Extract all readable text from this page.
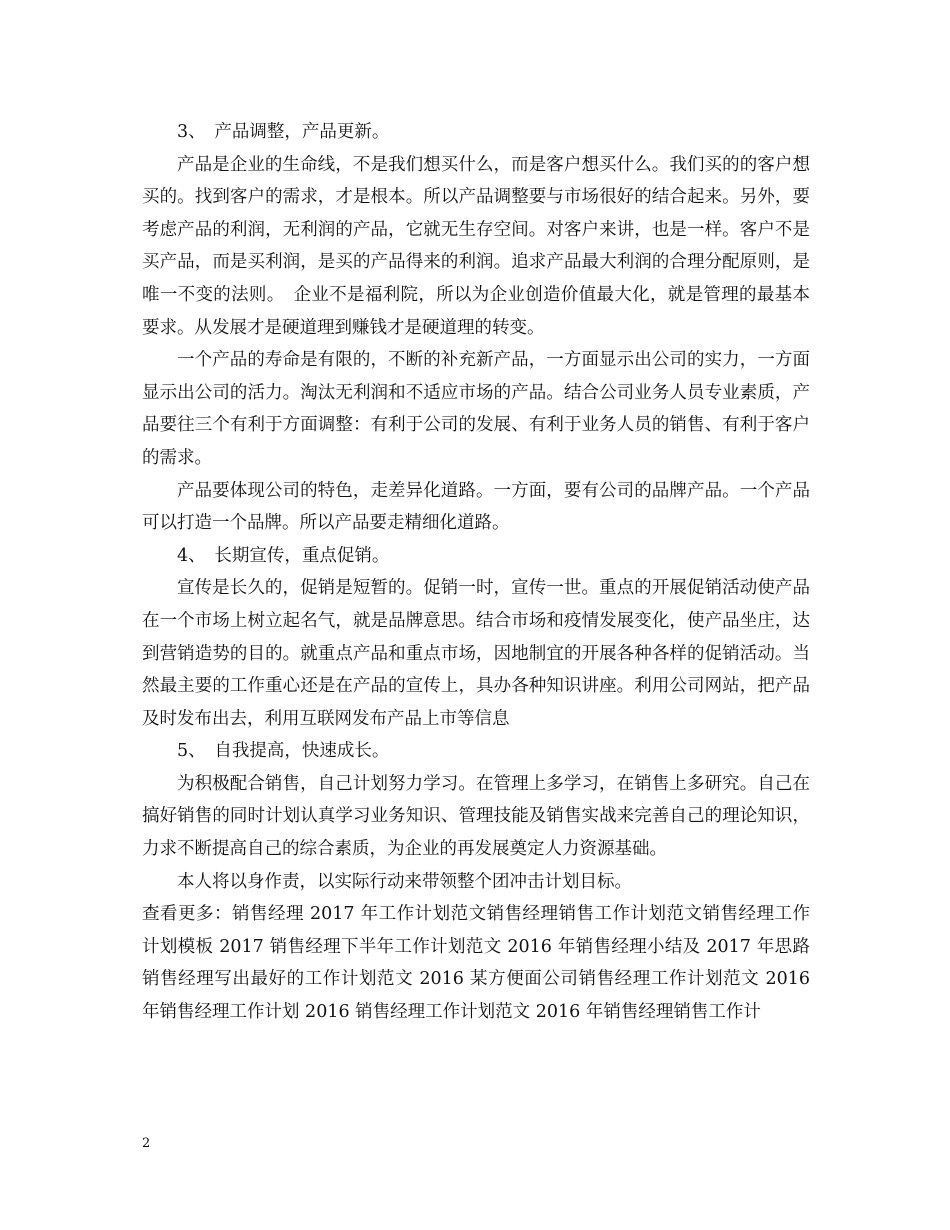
3、　产品调整，产品更新。

产品是企业的生命线，不是我们想买什么，而是客户想买什么。我们买的的客户想买的。找到客户的需求，才是根本。所以产品调整要与市场很好的结合起来。另外，要考虑产品的利润，无利润的产品，它就无生存空间。对客户来讲，也是一样。客户不是买产品，而是买利润，是买的产品得来的利润。追求产品最大利润的合理分配原则，是唯一不变的法则。　企业不是福利院，所以为企业创造价值最大化，就是管理的最基本要求。从发展才是硬道理到赚钱才是硬道理的转变。

一个产品的寿命是有限的，不断的补充新产品，一方面显示出公司的实力，一方面显示出公司的活力。淘汰无利润和不适应市场的产品。结合公司业务人员专业素质，产品要往三个有利于方面调整：有利于公司的发展、有利于业务人员的销售、有利于客户的需求。

产品要体现公司的特色，走差异化道路。一方面，要有公司的品牌产品。一个产品可以打造一个品牌。所以产品要走精细化道路。

4、　长期宣传，重点促销。

宣传是长久的，促销是短暂的。促销一时，宣传一世。重点的开展促销活动使产品在一个市场上树立起名气，就是品牌意思。结合市场和疫情发展变化，使产品坐庄，达到营销造势的目的。就重点产品和重点市场，因地制宜的开展各种各样的促销活动。当然最主要的工作重心还是在产品的宣传上，具办各种知识讲座。利用公司网站，把产品及时发布出去，利用互联网发布产品上市等信息

5、　自我提高，快速成长。

为积极配合销售，自己计划努力学习。在管理上多学习，在销售上多研究。自己在搞好销售的同时计划认真学习业务知识、管理技能及销售实战来完善自己的理论知识，力求不断提高自己的综合素质，为企业的再发展奠定人力资源基础。

本人将以身作责，以实际行动来带领整个团冲击计划目标。

查看更多：销售经理 2017 年工作计划范文销售经理销售工作计划范文销售经理工作计划模板 2017 销售经理下半年工作计划范文 2016 年销售经理小结及 2017 年思路销售经理写出最好的工作计划范文 2016 某方便面公司销售经理工作计划范文 2016 年销售经理工作计划 2016 销售经理工作计划范文 2016 年销售经理销售工作计

2
